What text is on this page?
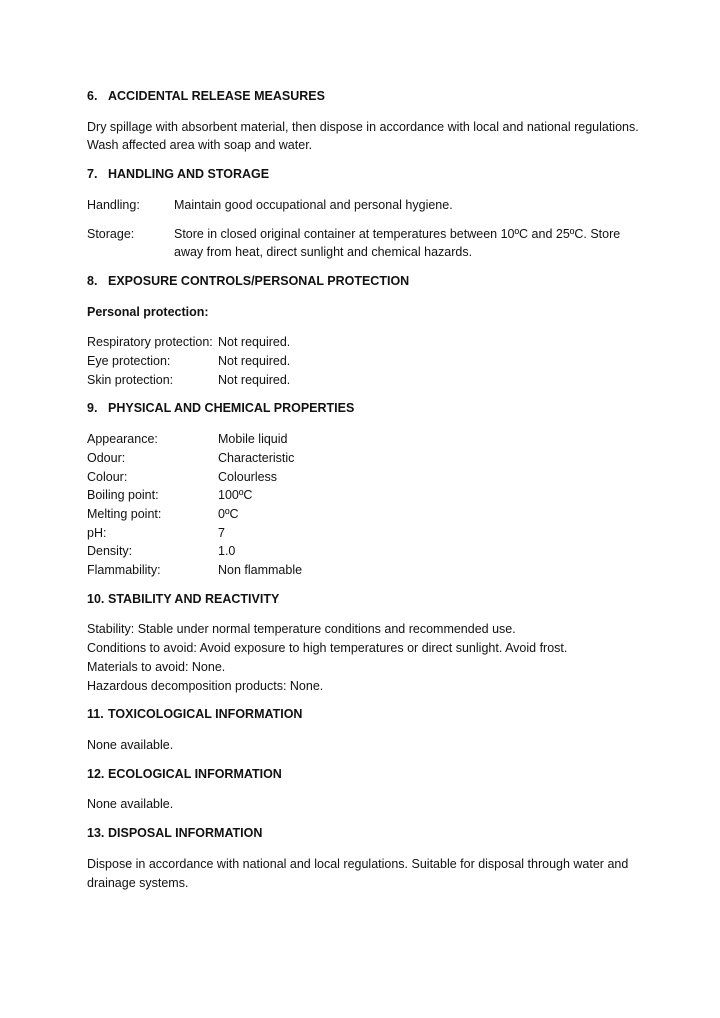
6. ACCIDENTAL RELEASE MEASURES

Dry spillage with absorbent material, then dispose in accordance with local and national regulations.

Wash affected area with soap and water.

7. HANDLING AND STORAGE
Handling:	Maintain good occupational and personal hygiene.
Storage:	Store in closed original container at temperatures between 10ºC and 25ºC. Store
away from heat, direct sunlight and chemical hazards.
8. EXPOSURE CONTROLS/PERSONAL PROTECTION

Personal protection:

Respiratory protection: Not required.
Eye protection:	Not required.
Skin protection:	Not required.
9. PHYSICAL AND CHEMICAL PROPERTIES
Appearance:	Mobile liquid
Odour:	Characteristic
Colour:	Colourless
Boiling point:	100ºC
Melting point:	0ºC
pH:	7
Density:	1.0
Flammability:	Non flammable
10. STABILITY AND REACTIVITY

Stability: Stable under normal temperature conditions and recommended use.

Conditions to avoid: Avoid exposure to high temperatures or direct sunlight. Avoid frost.

Materials to avoid: None.

Hazardous decomposition products: None.

11. TOXICOLOGICAL INFORMATION

None available.

12. ECOLOGICAL INFORMATION

None available.

13. DISPOSAL INFORMATION

Dispose in accordance with national and local regulations. Suitable for disposal through water and

drainage systems.
